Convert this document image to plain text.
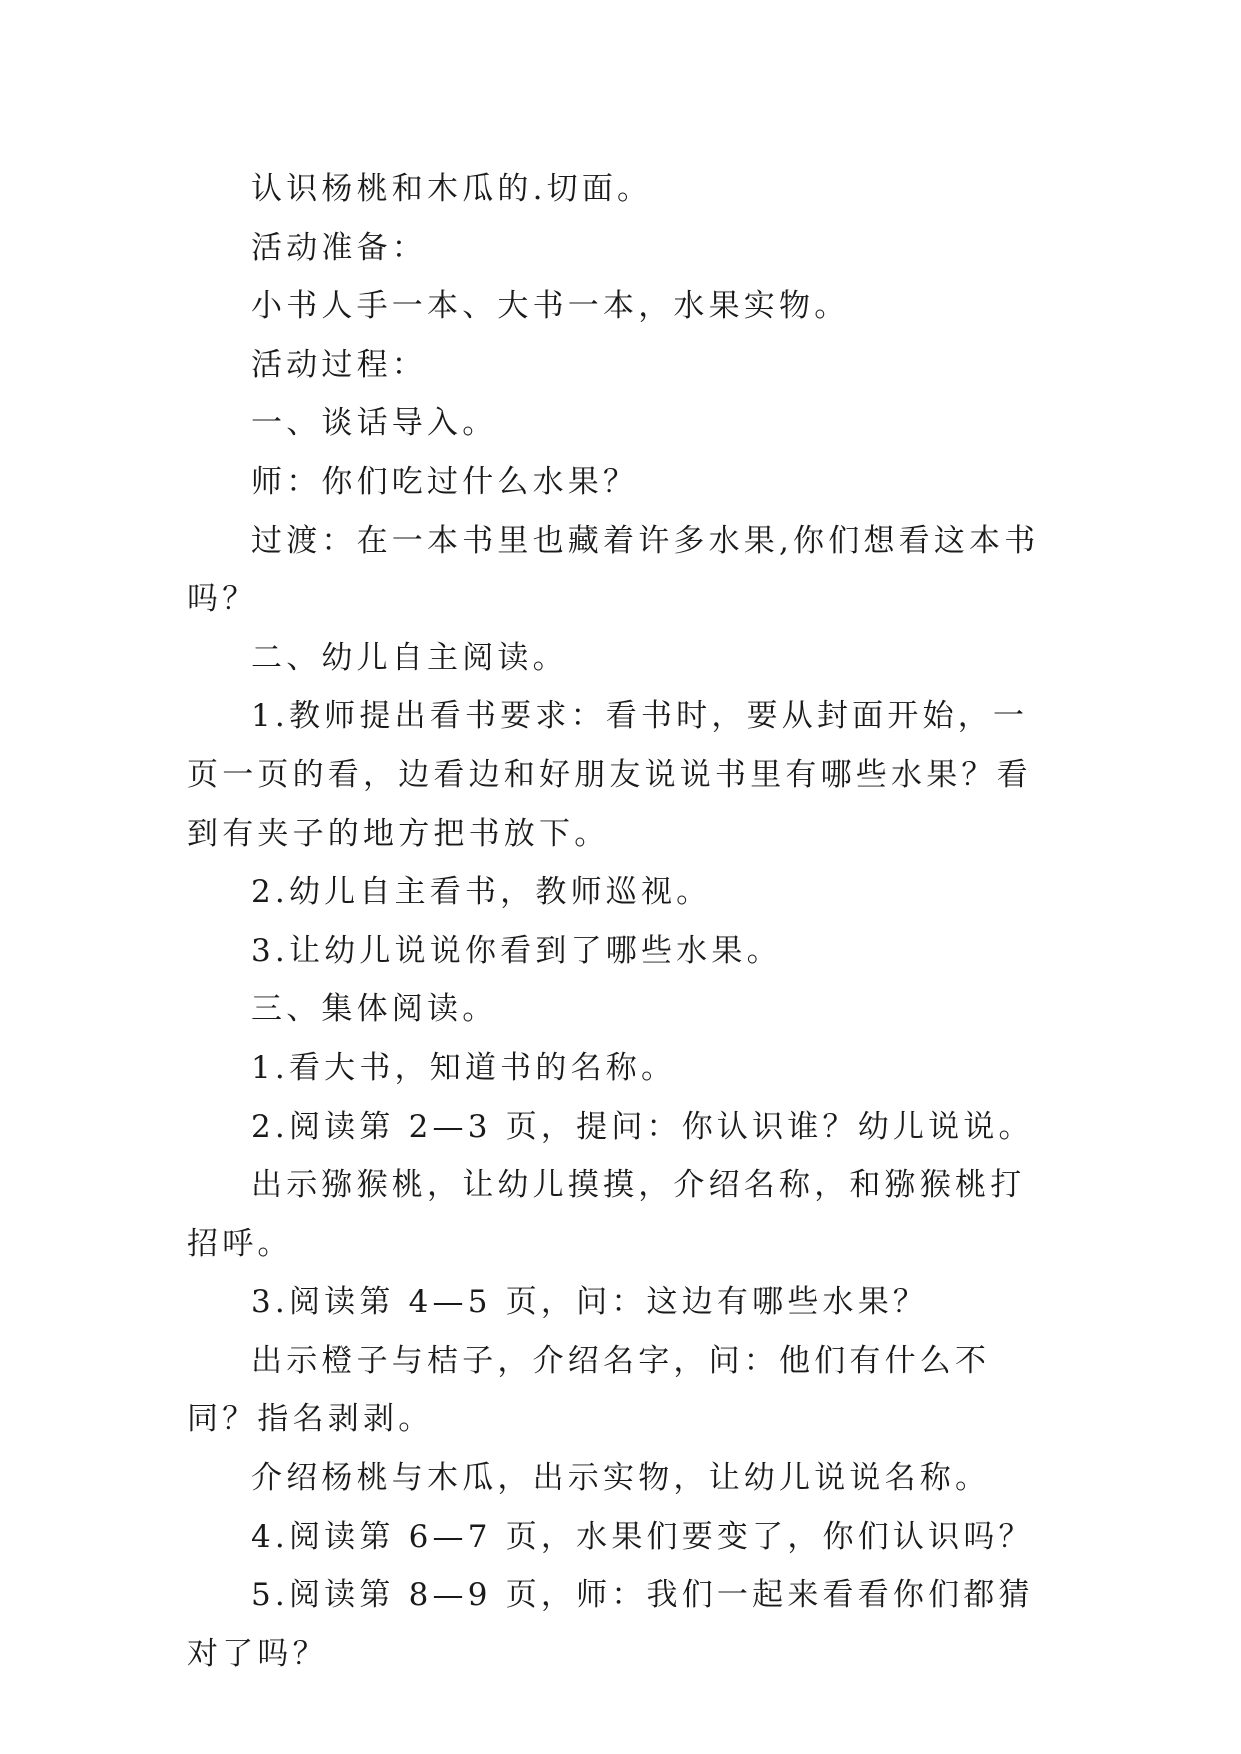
认识杨桃和木瓜的.切面。

活动准备：

小书人手一本、大书一本，水果实物。

活动过程：

一、谈话导入。

师：你们吃过什么水果？

过渡：在一本书里也藏着许多水果,你们想看这本书吗？

二、幼儿自主阅读。

1.教师提出看书要求：看书时，要从封面开始，一页一页的看，边看边和好朋友说说书里有哪些水果？看到有夹子的地方把书放下。

2.幼儿自主看书，教师巡视。

3.让幼儿说说你看到了哪些水果。

三、集体阅读。

1.看大书，知道书的名称。

2.阅读第 2—3 页，提问：你认识谁？幼儿说说。

出示猕猴桃，让幼儿摸摸，介绍名称，和猕猴桃打招呼。

3.阅读第 4—5 页，问：这边有哪些水果？

出示橙子与桔子，介绍名字，问：他们有什么不同？指名剥剥。

介绍杨桃与木瓜，出示实物，让幼儿说说名称。

4.阅读第 6—7 页，水果们要变了，你们认识吗？

5.阅读第 8—9 页，师：我们一起来看看你们都猜对了吗？
